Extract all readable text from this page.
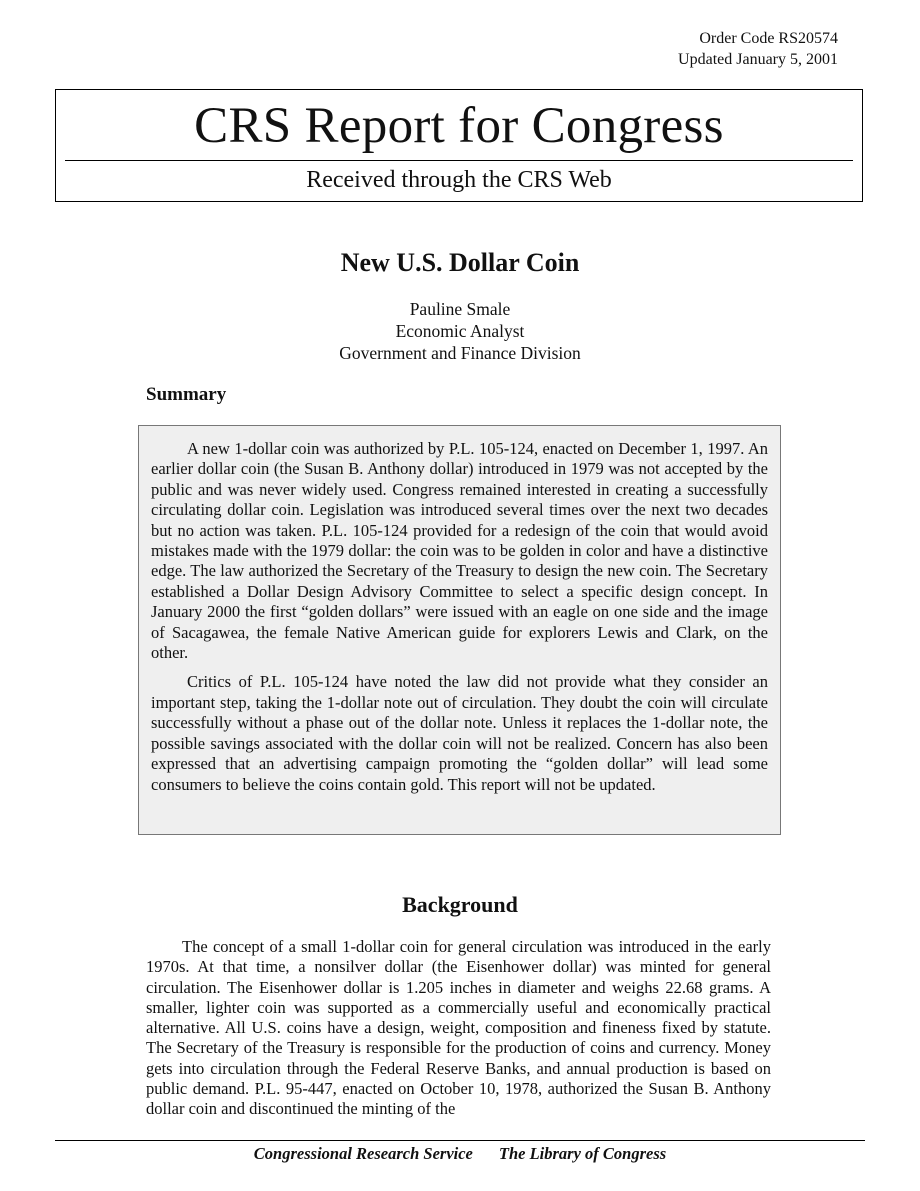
Order Code RS20574
Updated January 5, 2001
CRS Report for Congress
Received through the CRS Web
New U.S. Dollar Coin
Pauline Smale
Economic Analyst
Government and Finance Division
Summary

A new 1-dollar coin was authorized by P.L. 105-124, enacted on December 1, 1997. An earlier dollar coin (the Susan B. Anthony dollar) introduced in 1979 was not accepted by the public and was never widely used. Congress remained interested in creating a successfully circulating dollar coin. Legislation was introduced several times over the next two decades but no action was taken. P.L. 105-124 provided for a redesign of the coin that would avoid mistakes made with the 1979 dollar: the coin was to be golden in color and have a distinctive edge. The law authorized the Secretary of the Treasury to design the new coin. The Secretary established a Dollar Design Advisory Committee to select a specific design concept. In January 2000 the first “golden dollars” were issued with an eagle on one side and the image of Sacagawea, the female Native American guide for explorers Lewis and Clark, on the other.

Critics of P.L. 105-124 have noted the law did not provide what they consider an important step, taking the 1-dollar note out of circulation. They doubt the coin will circulate successfully without a phase out of the dollar note. Unless it replaces the 1-dollar note, the possible savings associated with the dollar coin will not be realized. Concern has also been expressed that an advertising campaign promoting the “golden dollar” will lead some consumers to believe the coins contain gold. This report will not be updated.

Background

The concept of a small 1-dollar coin for general circulation was introduced in the early 1970s. At that time, a nonsilver dollar (the Eisenhower dollar) was minted for general circulation. The Eisenhower dollar is 1.205 inches in diameter and weighs 22.68 grams. A smaller, lighter coin was supported as a commercially useful and economically practical alternative. All U.S. coins have a design, weight, composition and fineness fixed by statute. The Secretary of the Treasury is responsible for the production of coins and currency. Money gets into circulation through the Federal Reserve Banks, and annual production is based on public demand. P.L. 95-447, enacted on October 10, 1978, authorized the Susan B. Anthony dollar coin and discontinued the minting of the

Congressional Research Service The Library of Congress
